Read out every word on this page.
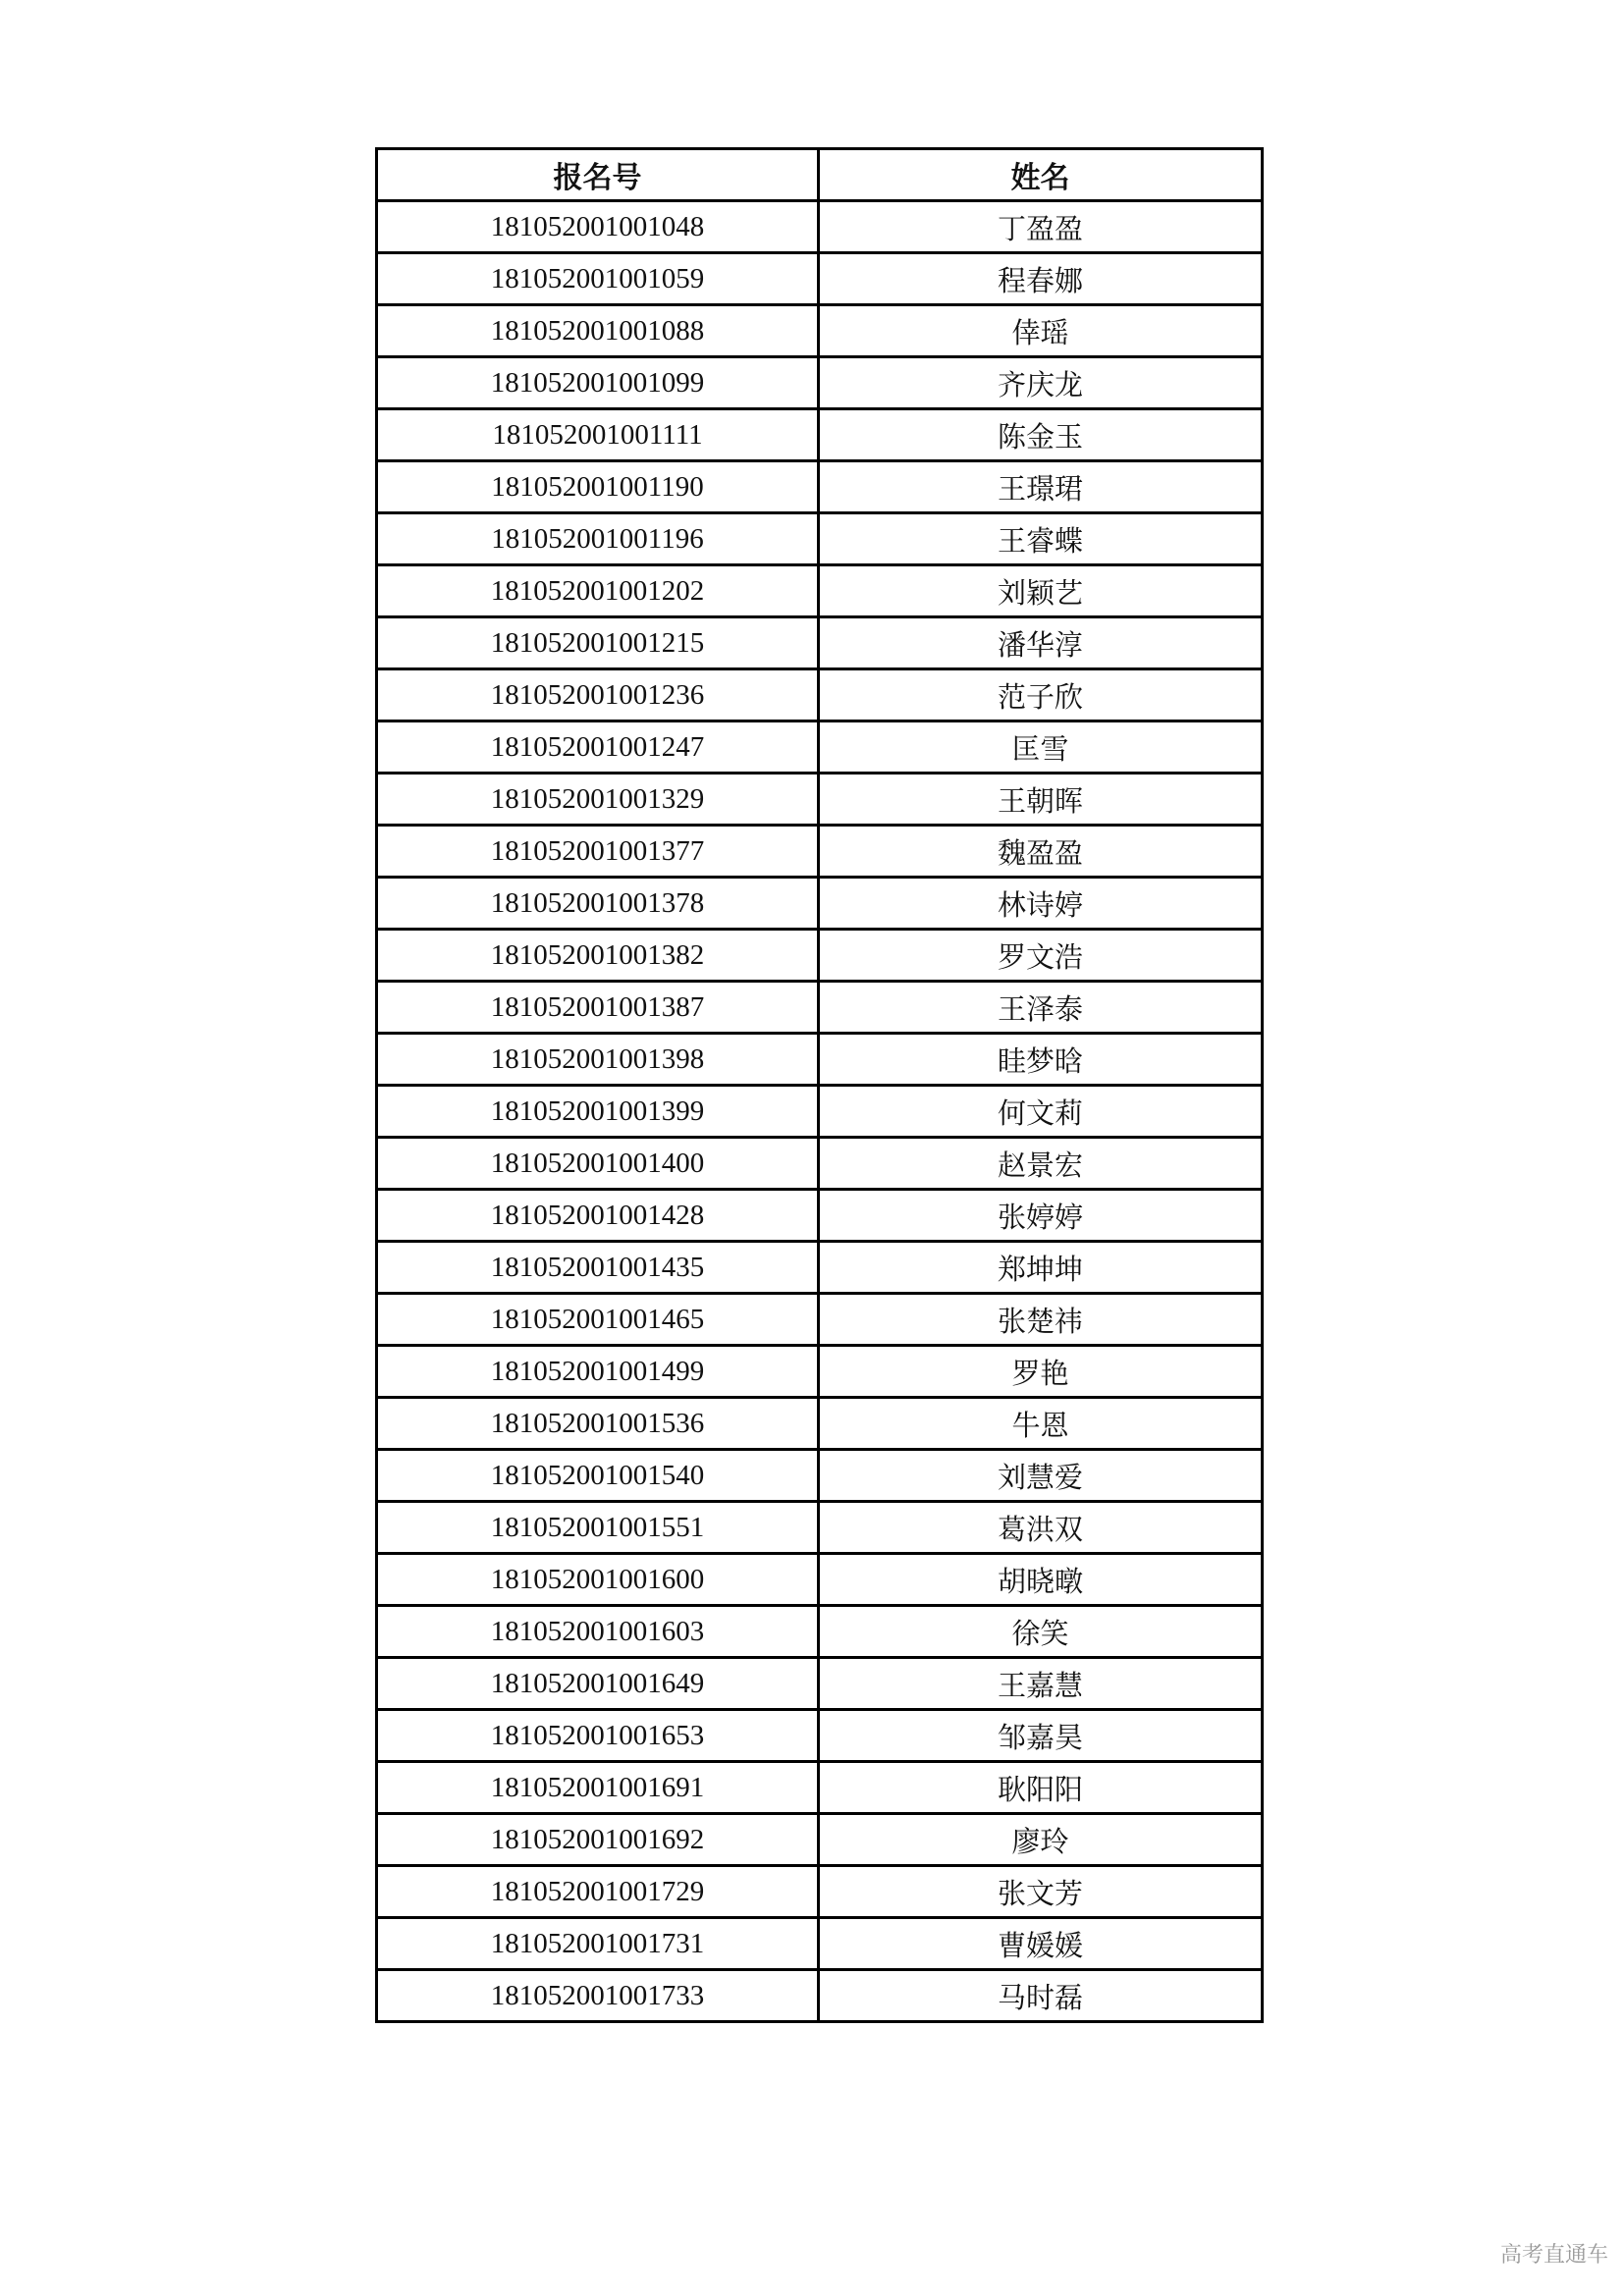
报名号	姓名
181052001001048	丁盈盈
181052001001059	程春娜
181052001001088	倖瑶
181052001001099	齐庆龙
181052001001111	陈金玉
181052001001190	王璟珺
181052001001196	王睿蝶
181052001001202	刘颖艺
181052001001215	潘华淳
181052001001236	范子欣
181052001001247	匡雪
181052001001329	王朝晖
181052001001377	魏盈盈
181052001001378	林诗婷
181052001001382	罗文浩
181052001001387	王泽泰
181052001001398	眭梦晗
181052001001399	何文莉
181052001001400	赵景宏
181052001001428	张婷婷
181052001001435	郑坤坤
181052001001465	张楚祎
181052001001499	罗艳
181052001001536	牛恩
181052001001540	刘慧爱
181052001001551	葛洪双
181052001001600	胡晓暾
181052001001603	徐笑
181052001001649	王嘉慧
181052001001653	邹嘉昊
181052001001691	耿阳阳
181052001001692	廖玲
181052001001729	张文芳
181052001001731	曹媛媛
181052001001733	马时磊
高考直通车
